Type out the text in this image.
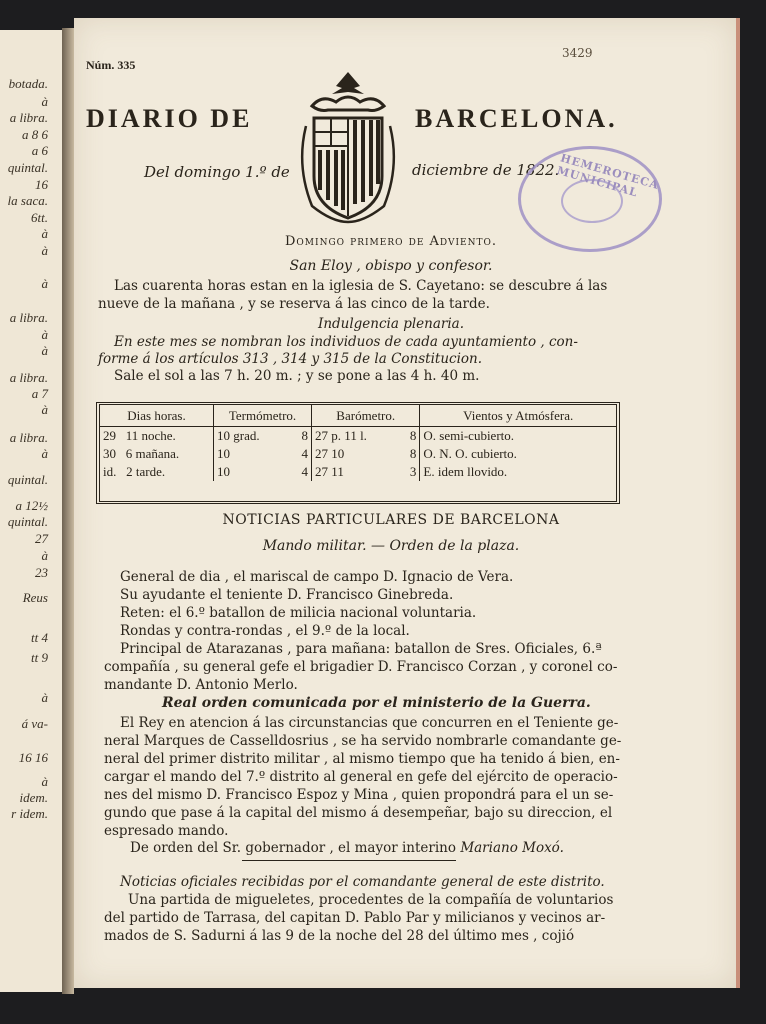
botada.
à
a libra.
a 8 6
a 6
quintal.
16
la saca.
6tt.
à
à
à
a libra.
à
à
a libra.
a 7
à
a libra.
à
quintal.
a 12½
quintal.
27
à
23
Reus
tt 4
tt 9
à
á va-
16 16
à
idem.
r idem.
Núm. 335
3429
DIARIO DE	BARCELONA.
Del domingo 1.º de	diciembre de 1822. HEMEROTECA MUNICIPAL
Domingo primero de Adviento.
San Eloy , obispo y confesor.
Las cuarenta horas estan en la iglesia de S. Cayetano: se descubre á las
nueve de la mañana , y se reserva á las cinco de la tarde.
Indulgencia plenaria.
En este mes se nombran los individuos de cada ayuntamiento , con-
forme á los artículos 313 , 314 y 315 de la Constitucion.
Sale el sol a las 7 h. 20 m. ; y se pone a las 4 h. 40 m.
Dias horas.	Termómetro.	Barómetro.	Vientos y Atmósfera.
29 11 noche.	10 grad. 8	27 p. 11 l. 8	O. semi-cubierto.
30 6 mañana.	10 4	27 10 8	O. N. O. cubierto.
id. 2 tarde.	10 4	27 11 3	E. idem llovido.
NOTICIAS PARTICULARES DE BARCELONA
Mando militar. — Orden de la plaza.
General de dia , el mariscal de campo D. Ignacio de Vera.
Su ayudante el teniente D. Francisco Ginebreda.
Reten: el 6.º batallon de milicia nacional voluntaria.
Rondas y contra-rondas , el 9.º de la local.
Principal de Atarazanas , para mañana: batallon de Sres. Oficiales, 6.ª
compañía , su general gefe el brigadier D. Francisco Corzan , y coronel co-
mandante D. Antonio Merlo.
Real orden comunicada por el ministerio de la Guerra.
El Rey en atencion á las circunstancias que concurren en el Teniente ge-
neral Marques de Casselldosrius , se ha servido nombrarle comandante ge-
neral del primer distrito militar , al mismo tiempo que ha tenido á bien, en-
cargar el mando del 7.º distrito al general en gefe del ejército de operacio-
nes del mismo D. Francisco Espoz y Mina , quien propondrá para el un se-
gundo que pase á la capital del mismo á desempeñar, bajo su direccion, el
espresado mando.
De orden del Sr. gobernador , el mayor interino Mariano Moxó.
Noticias oficiales recibidas por el comandante general de este distrito.
Una partida de migueletes, procedentes de la compañía de voluntarios
del partido de Tarrasa, del capitan D. Pablo Par y milicianos y vecinos ar-
mados de S. Sadurni á las 9 de la noche del 28 del último mes , cojió
